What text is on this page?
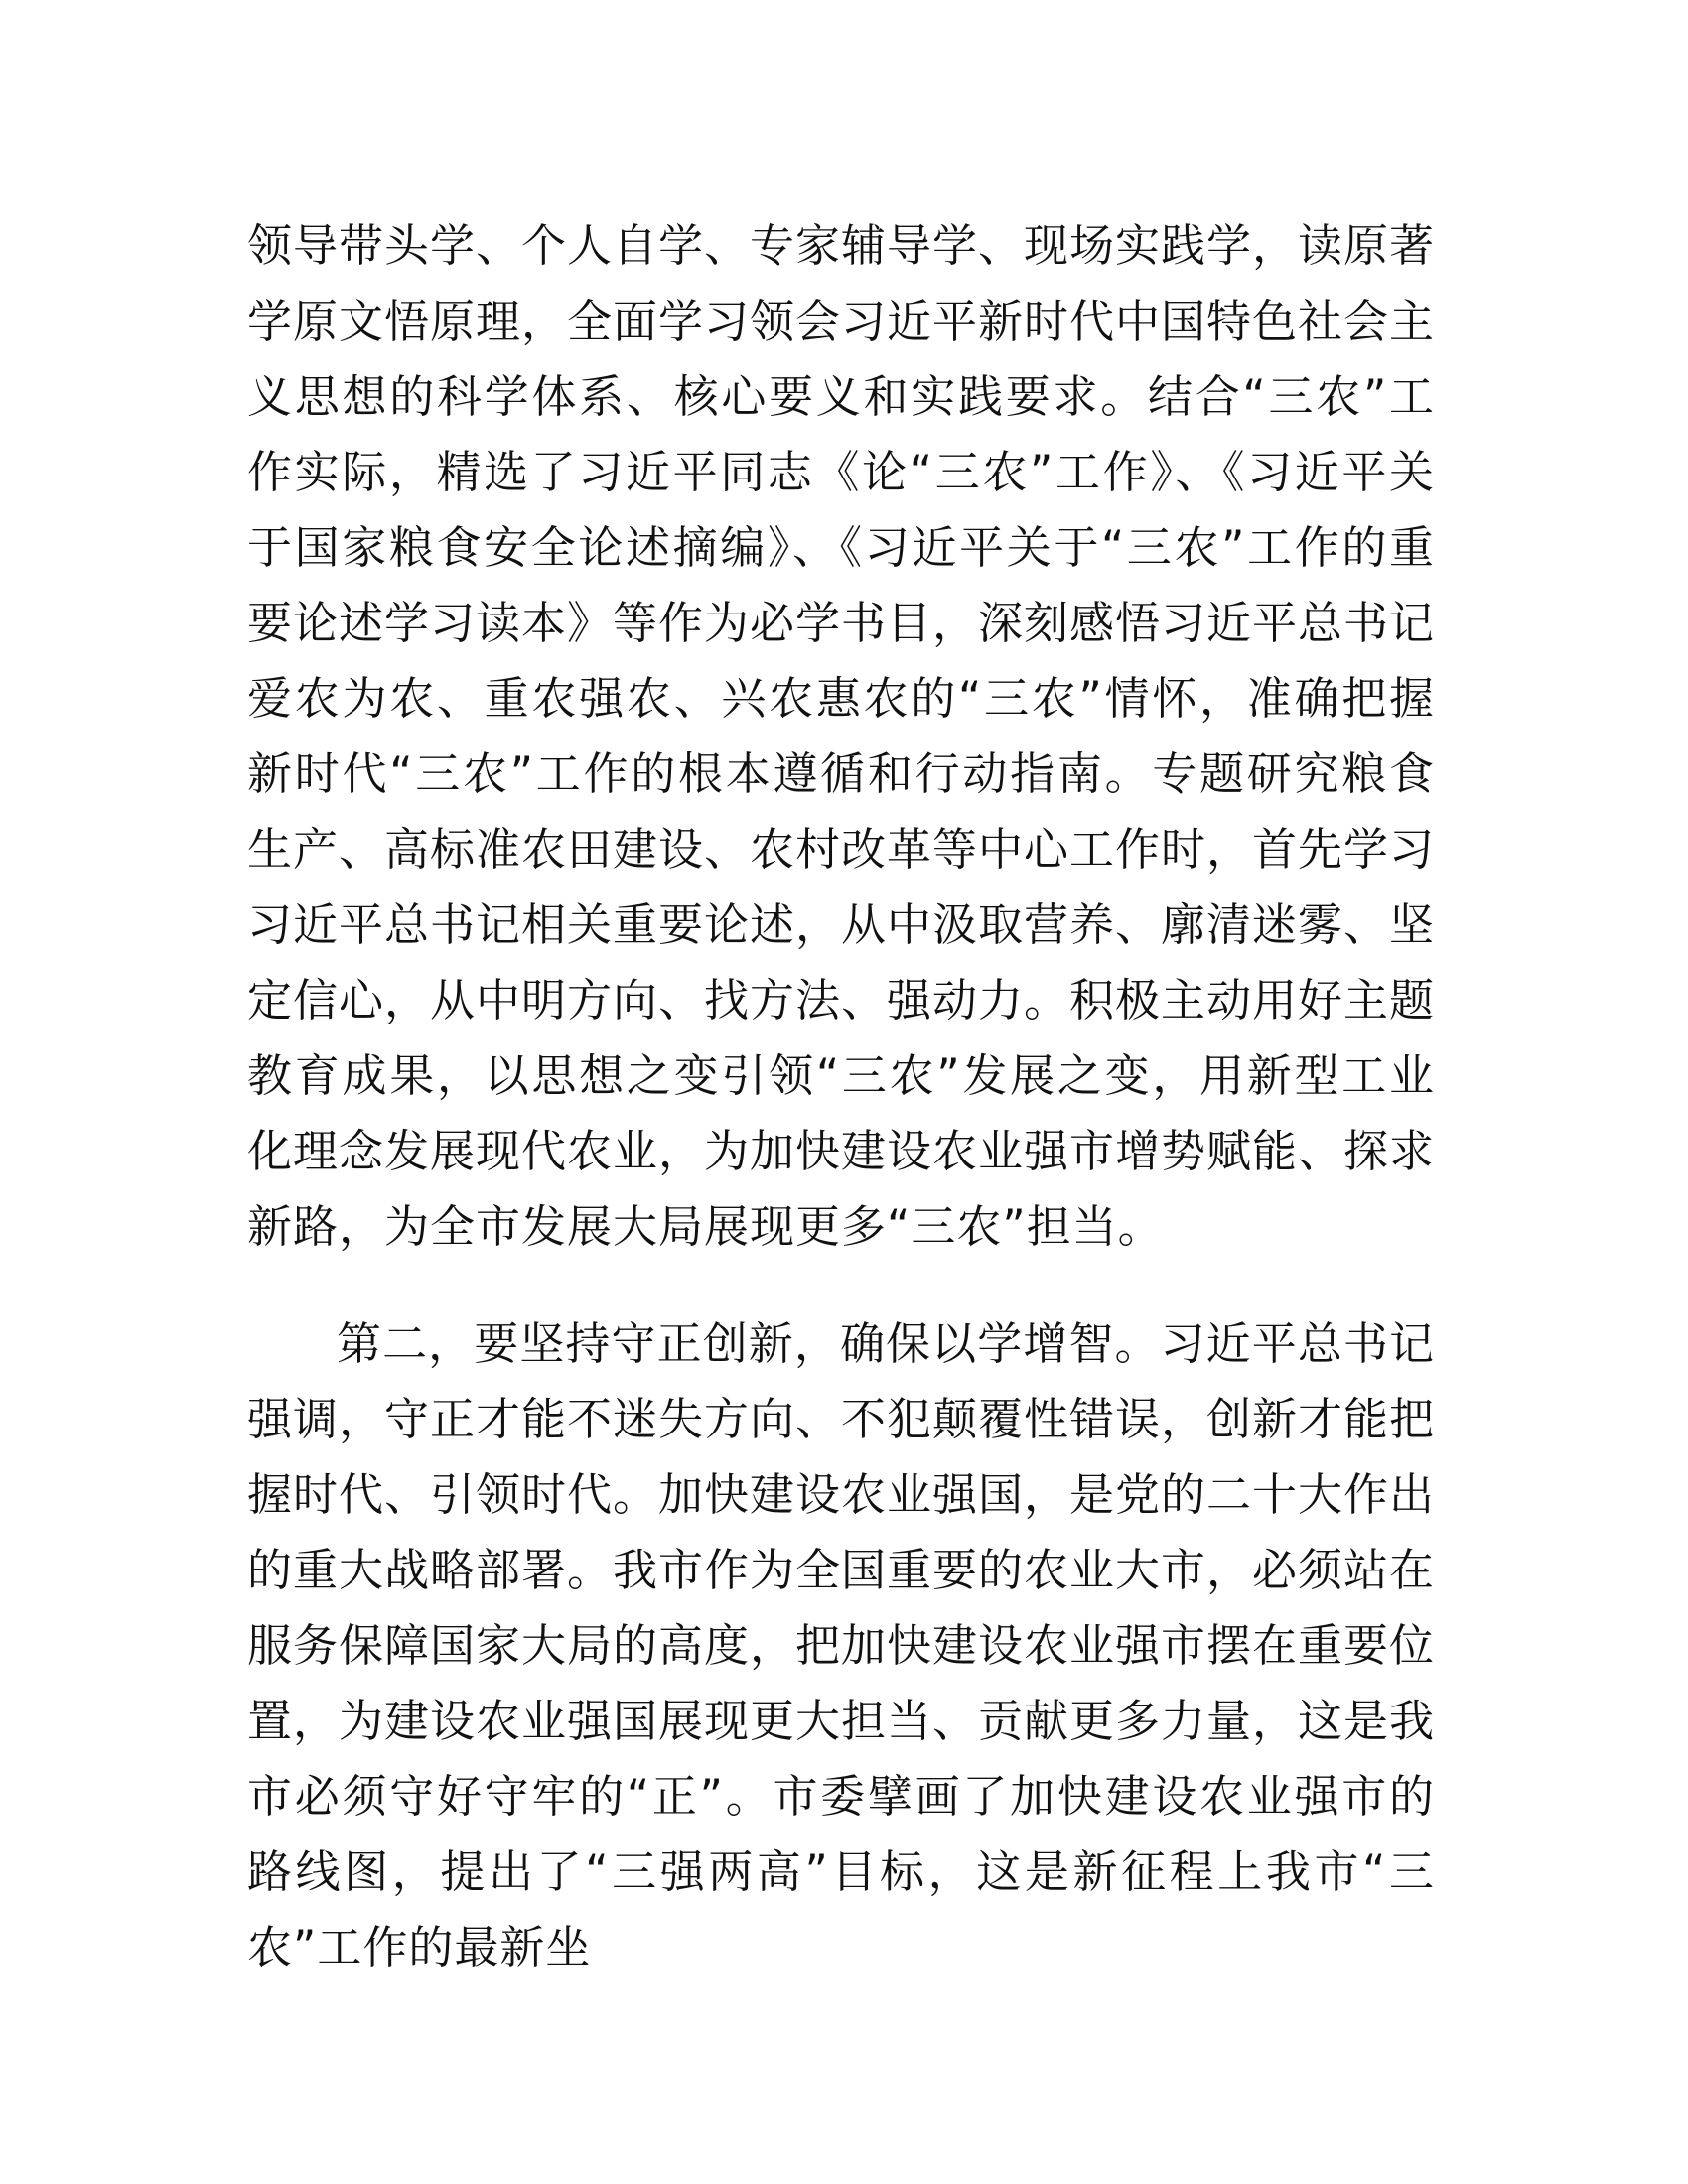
领导带头学、个人自学、专家辅导学、现场实践学，读原著学原文悟原理，全面学习领会习近平新时代中国特色社会主义思想的科学体系、核心要义和实践要求。结合“三农”工作实际，精选了习近平同志《论“三农”工作》、《习近平关于国家粮食安全论述摘编》、《习近平关于“三农”工作的重要论述学习读本》等作为必学书目，深刻感悟习近平总书记爱农为农、重农强农、兴农惠农的“三农”情怀，准确把握新时代“三农”工作的根本遵循和行动指南。专题研究粮食生产、高标准农田建设、农村改革等中心工作时，首先学习习近平总书记相关重要论述，从中汲取营养、廓清迷雾、坚定信心，从中明方向、找方法、强动力。积极主动用好主题教育成果，以思想之变引领“三农”发展之变，用新型工业化理念发展现代农业，为加快建设农业强市增势赋能、探求新路，为全市发展大局展现更多“三农”担当。

第二，要坚持守正创新，确保以学增智。习近平总书记强调，守正才能不迷失方向、不犯颠覆性错误，创新才能把握时代、引领时代。加快建设农业强国，是党的二十大作出的重大战略部署。我市作为全国重要的农业大市，必须站在服务保障国家大局的高度，把加快建设农业强市摆在重要位置，为建设农业强国展现更大担当、贡献更多力量，这是我市必须守好守牢的“正”。市委擘画了加快建设农业强市的路线图，提出了“三强两高”目标，这是新征程上我市“三农”工作的最新坐
